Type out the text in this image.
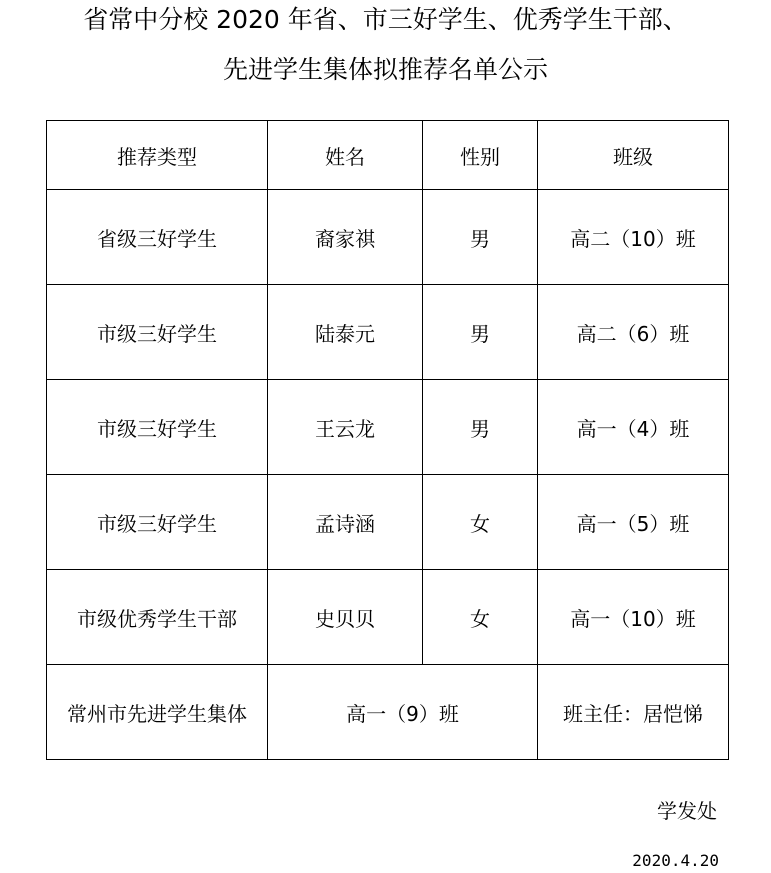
省常中分校 2020 年省、市三好学生、优秀学生干部、
先进学生集体拟推荐名单公示
推荐类型	姓名	性别	班级
省级三好学生	裔家祺	男	高二（10）班
市级三好学生	陆泰元	男	高二（6）班
市级三好学生	王云龙	男	高一（4）班
市级三好学生	孟诗涵	女	高一（5）班
市级优秀学生干部	史贝贝	女	高一（10）班
常州市先进学生集体	高一（9）班		班主任：居恺悌
学发处
2020.4.20
